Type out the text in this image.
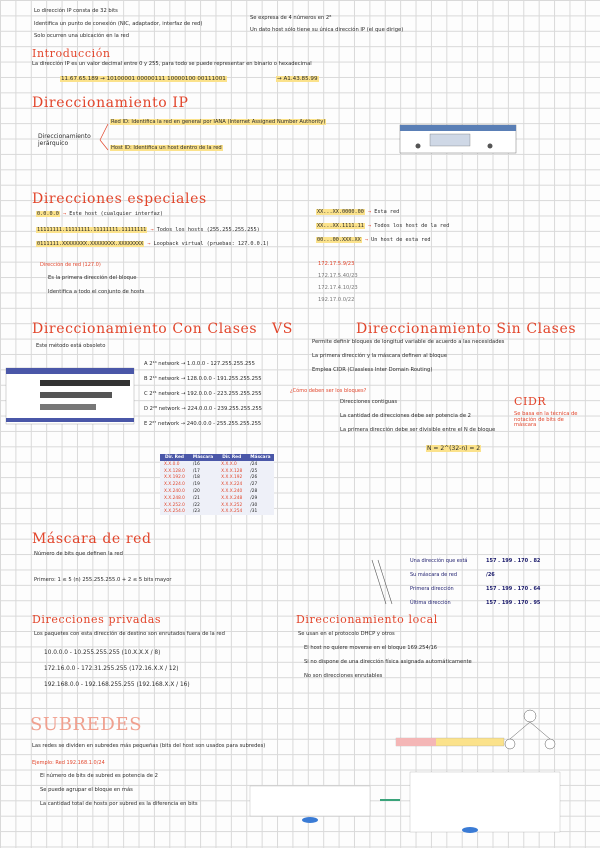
Lo dirección IP consta de 32 bits
Identifica un punto de conexión (NIC, adaptador, interfaz de red)
Solo ocurren una ubicación en la red
Se expresa de 4 números en 2⁸
Un dato host sólo tiene su única dirección IP (el que dirige)
Introducción
La dirección IP es un valor decimal entre 0 y 255, para todo se puede representar en binario o hexadecimal
11.67.65.189 → 10100001 00000111 10000100 00111001	→ A1.43.85.99
Direccionamiento IP
Direccionamiento jerárquico
Red ID: Identifica la red en general por IANA (Internet Assigned Number Authority)
Host ID: Identifica un host dentro de la red
Direcciones especiales
0.0.0.0 → Este host (cualquier interfaz)
11111111.11111111.11111111.11111111 → Todos los hosts (255.255.255.255)
0111111.XXXXXXXX.XXXXXXXX.XXXXXXXX → Loopback virtual (pruebas: 127.0.0.1)
XX...XX.0000.00 → Esta red
XX...XX.1111.11 → Todos los host de la red
00...00.XXX.XX → Un host de esta red
Dirección de red (127.0)
Es la primera dirección del bloque
Identifica a todo el conjunto de hosts
172.17.5.9/23
172.17.5.40/23
172.17.4.10/23
192.17.0.0/22
Direccionamiento Con Clases VS	Direccionamiento Sin Clases
Este método está obsoleto
A 2¹⁴ network → 1.0.0.0 - 127.255.255.255
B 2¹⁴ network → 128.0.0.0 - 191.255.255.255
C 2²¹ network → 192.0.0.0 - 223.255.255.255
D 2²⁸ network → 224.0.0.0 - 239.255.255.255
E 2²⁷ network → 240.0.0.0 - 255.255.255.255
Dir. Red	Máscara	Dir. Red	Máscara
X.X.0.0	/16	X.X.X.0	/24
X.X.128.0	/17	X.X.X.128	/25
X.X.192.0	/18	X.X.X.192	/26
X.X.224.0	/19	X.X.X.224	/27
X.X.240.0	/20	X.X.X.240	/28
X.X.248.0	/21	X.X.X.248	/29
X.X.252.0	/22	X.X.X.252	/30
X.X.254.0	/23	X.X.X.254	/31
Permite definir bloques de longitud variable de acuerdo a las necesidades
La primera dirección y la máscara definen al bloque
Emplea CIDR (Classless Inter Domain Routing)
¿Cómo deben ser los bloques?
Direcciones contiguas
La cantidad de direcciones debe ser potencia de 2
La primera dirección debe ser divisible entre el N de bloque
N = 2^(32-n) = 2
CIDR
Se basa en la técnica de notación de bits de máscara
Máscara de red
Número de bits que definen la red
Primero: 1 ≤ 5 (n) 255.255.255.0 + 2 ≤ 5 bits mayor
Una dirección que está	157 . 199 . 170 . 82
Su máscara de red	/26
Primera dirección	157 . 199 . 170 . 64
Última dirección	157 . 199 . 170 . 95
Direcciones privadas
Los paquetes con esta dirección de destino son enrutados fuera de la red
10.0.0.0 - 10.255.255.255 (10.X.X.X / 8)
172.16.0.0 - 172.31.255.255 (172.16.X.X / 12)
192.168.0.0 - 192.168.255.255 (192.168.X.X / 16)
Direccionamiento local
Se usan en el protocolo DHCP y otros
El host no quiere moverse en el bloque 169.254/16
Si no dispone de una dirección física asignada automáticamente
No son direcciones enrutables
SUBREDES
Las redes se dividen en subredes más pequeñas (bits del host son usados para subredes)
Ejemplo: Red 192.168.1.0/24
El número de bits de subred es potencia de 2
Se puede agrupar el bloque en más
La cantidad total de hosts por subred es la diferencia en bits
